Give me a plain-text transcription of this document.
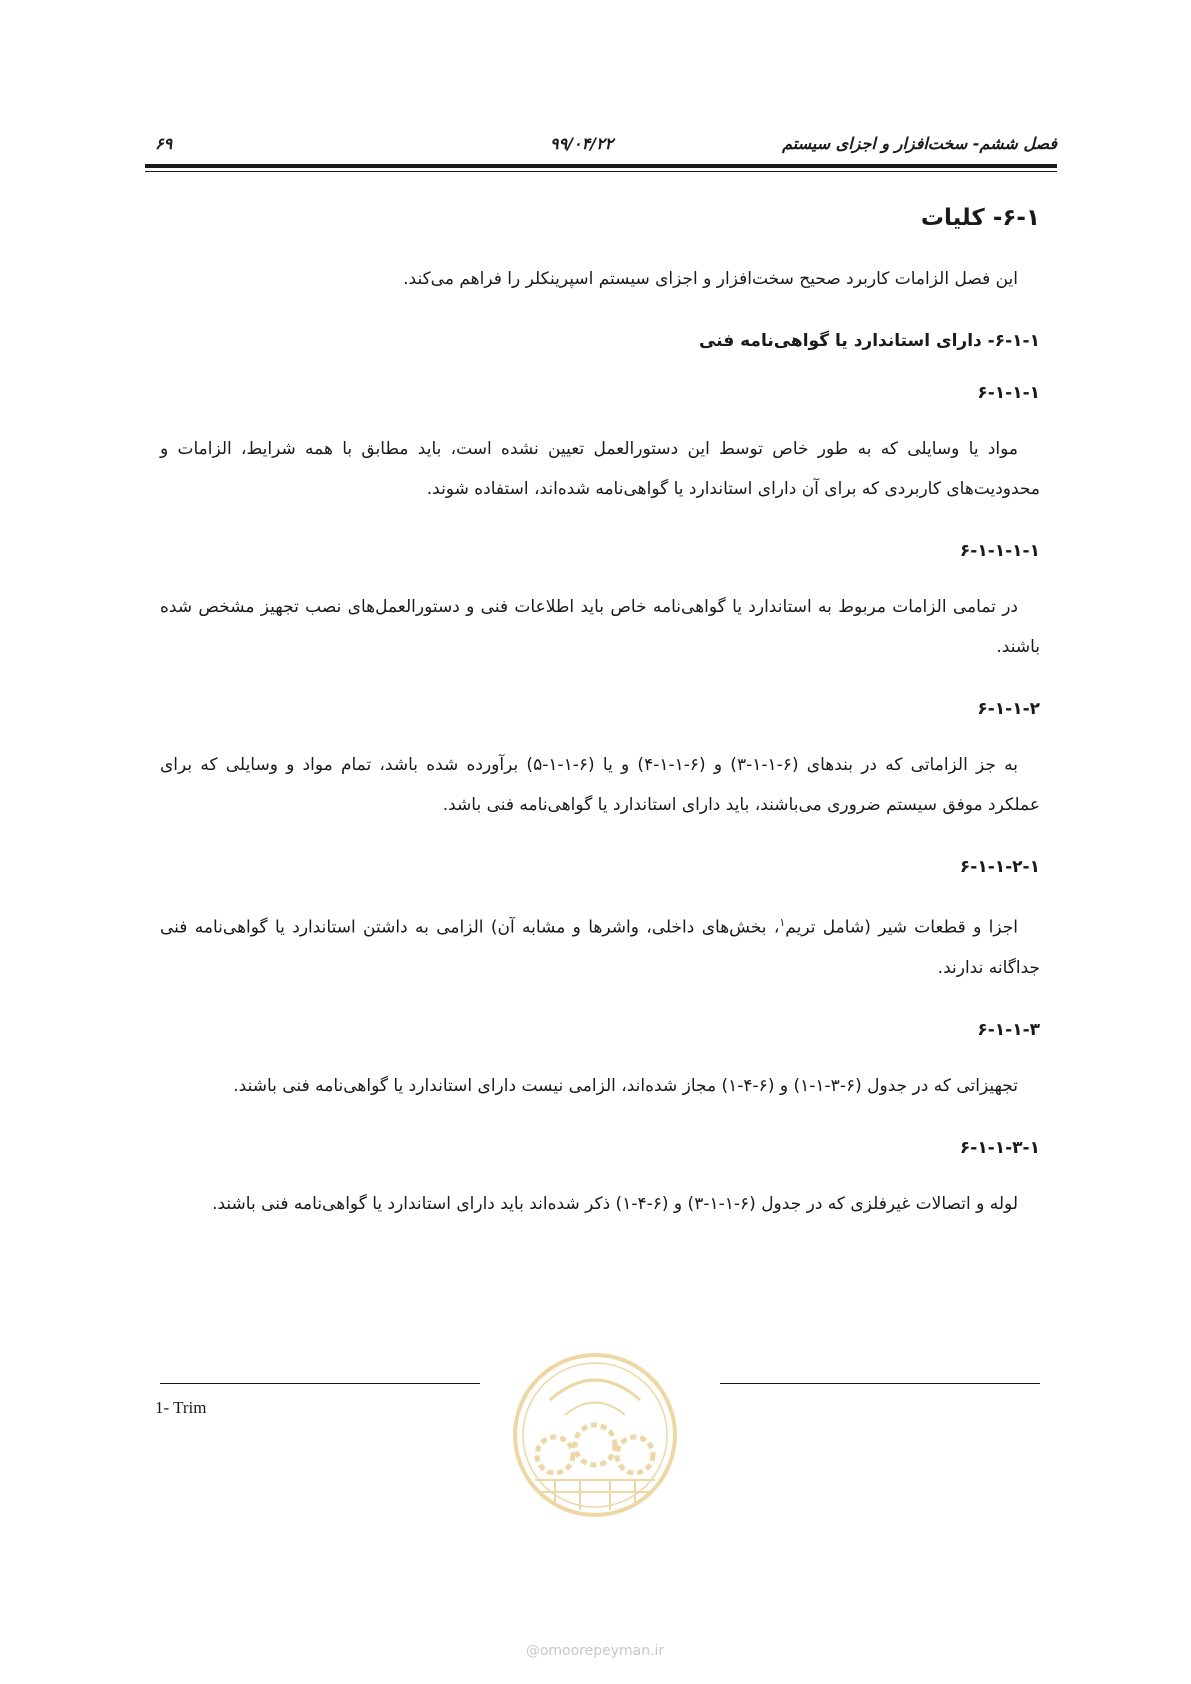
فصل ششم- سخت‌افزار و اجزای سیستم
۹۹/۰۴/۲۲
۶۹
۶-۱- کلیات
این فصل الزامات کاربرد صحیح سخت‌افزار و اجزای سیستم اسپرینکلر را فراهم می‌کند.
۶-۱-۱- دارای استاندارد یا گواهی‌نامه فنی
۶-۱-۱-۱
مواد یا وسایلی که به طور خاص توسط این دستورالعمل تعیین نشده است، باید مطابق با همه شرایط، الزامات و محدودیت‌های کاربردی که برای آن دارای استاندارد یا گواهی‌نامه شده‌اند، استفاده شوند.
۶-۱-۱-۱-۱
در تمامی الزامات مربوط به استاندارد یا گواهی‌نامه خاص باید اطلاعات فنی و دستورالعمل‌های نصب تجهیز مشخص شده باشند.
۶-۱-۱-۲
به جز الزاماتی که در بندهای (۶-۱-۱-۳) و (۶-۱-۱-۴) و یا (۶-۱-۱-۵) برآورده شده باشد، تمام مواد و وسایلی که برای عملکرد موفق سیستم ضروری می‌باشند، باید دارای استاندارد یا گواهی‌نامه فنی باشد.
۶-۱-۱-۲-۱
اجزا و قطعات شیر (شامل تریم$^۱$، بخش‌های داخلی، واشرها و مشابه آن) الزامی به داشتن استاندارد یا گواهی‌نامه فنی جداگانه ندارند.
۶-۱-۱-۳
تجهیزاتی که در جدول (۶-۳-۱-۱) و (۶-۴-۱) مجاز شده‌اند، الزامی نیست دارای استاندارد یا گواهی‌نامه فنی باشند.
۶-۱-۱-۳-۱
لوله و اتصالات غیرفلزی که در جدول (۶-۱-۱-۳) و (۶-۴-۱) ذکر شده‌اند باید دارای استاندارد یا گواهی‌نامه فنی باشند.
1- Trim
@omoorepeyman.ir
